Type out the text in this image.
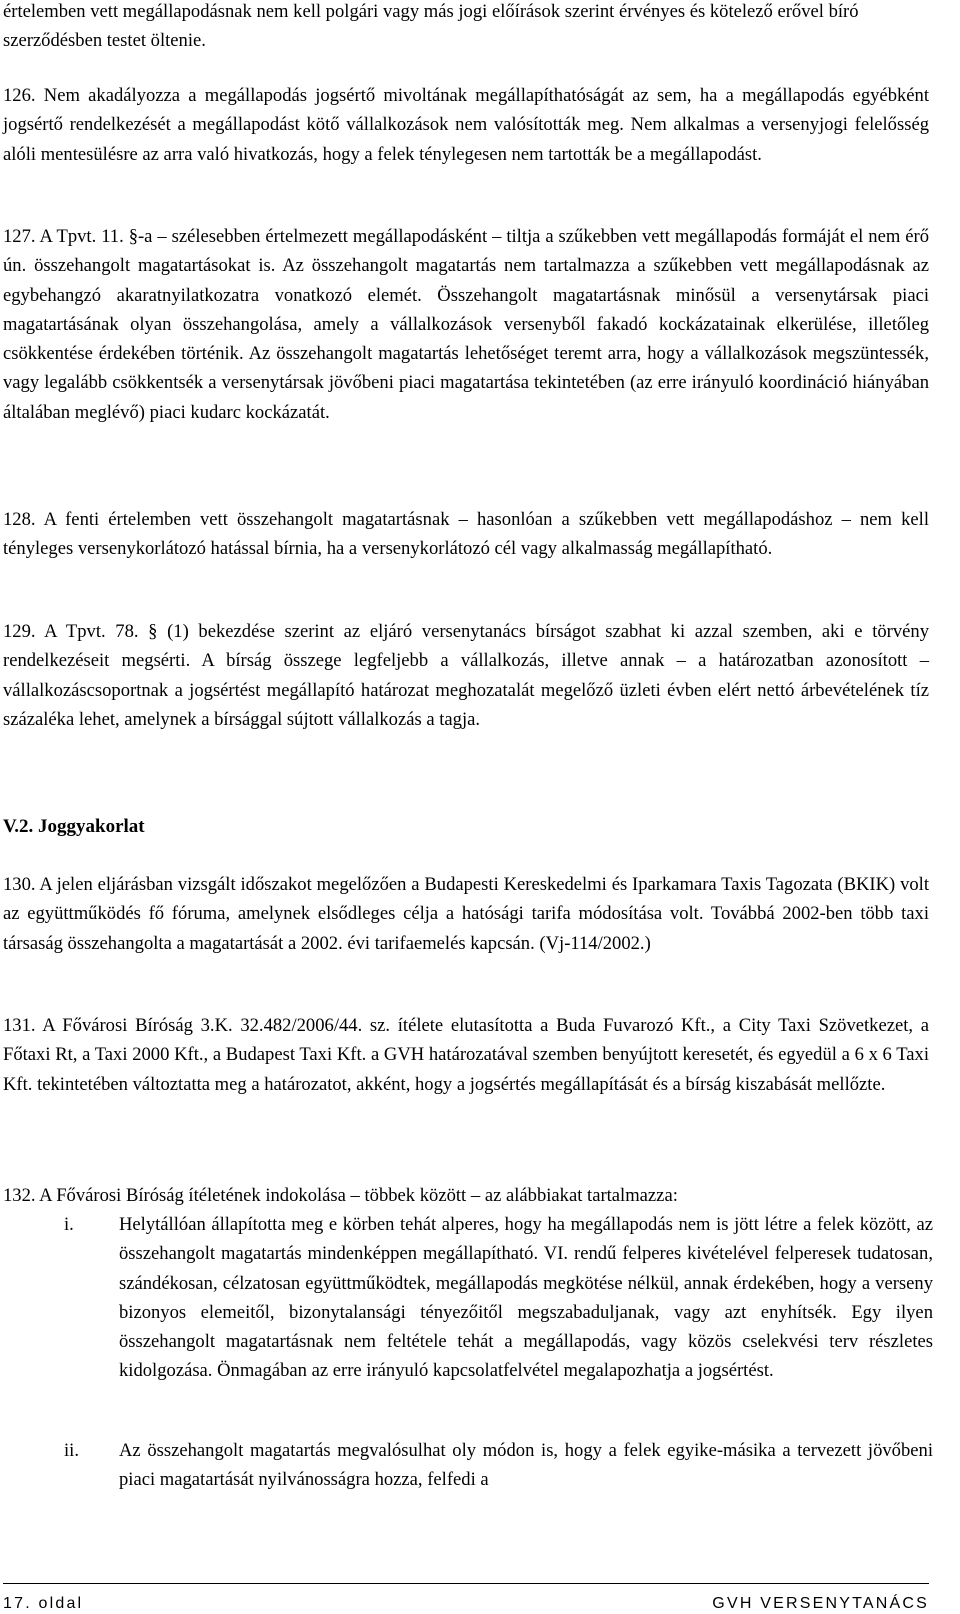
értelemben vett megállapodásnak nem kell polgári vagy más jogi előírások szerint érvényes és kötelező erővel bíró szerződésben testet öltenie.

126. Nem akadályozza a megállapodás jogsértő mivoltának megállapíthatóságát az sem, ha a megállapodás egyébként jogsértő rendelkezését a megállapodást kötő vállalkozások nem valósították meg. Nem alkalmas a versenyjogi felelősség alóli mentesülésre az arra való hivatkozás, hogy a felek ténylegesen nem tartották be a megállapodást.

127. A Tpvt. 11. §-a – szélesebben értelmezett megállapodásként – tiltja a szűkebben vett megállapodás formáját el nem érő ún. összehangolt magatartásokat is. Az összehangolt magatartás nem tartalmazza a szűkebben vett megállapodásnak az egybehangzó akaratnyilatkozatra vonatkozó elemét. Összehangolt magatartásnak minősül a versenytársak piaci magatartásának olyan összehangolása, amely a vállalkozások versenyből fakadó kockázatainak elkerülése, illetőleg csökkentése érdekében történik. Az összehangolt magatartás lehetőséget teremt arra, hogy a vállalkozások megszüntessék, vagy legalább csökkentsék a versenytársak jövőbeni piaci magatartása tekintetében (az erre irányuló koordináció hiányában általában meglévő) piaci kudarc kockázatát.

128. A fenti értelemben vett összehangolt magatartásnak – hasonlóan a szűkebben vett megállapodáshoz – nem kell tényleges versenykorlátozó hatással bírnia, ha a versenykorlátozó cél vagy alkalmasság megállapítható.

129. A Tpvt. 78. § (1) bekezdése szerint az eljáró versenytanács bírságot szabhat ki azzal szemben, aki e törvény rendelkezéseit megsérti. A bírság összege legfeljebb a vállalkozás, illetve annak – a határozatban azonosított – vállalkozáscsoportnak a jogsértést megállapító határozat meghozatalát megelőző üzleti évben elért nettó árbevételének tíz százaléka lehet, amelynek a bírsággal sújtott vállalkozás a tagja.

V.2. Joggyakorlat

130. A jelen eljárásban vizsgált időszakot megelőzően a Budapesti Kereskedelmi és Iparkamara Taxis Tagozata (BKIK) volt az együttműködés fő fóruma, amelynek elsődleges célja a hatósági tarifa módosítása volt. Továbbá 2002-ben több taxi társaság összehangolta a magatartását a 2002. évi tarifaemelés kapcsán. (Vj-114/2002.)

131. A Fővárosi Bíróság 3.K. 32.482/2006/44. sz. ítélete elutasította a Buda Fuvarozó Kft., a City Taxi Szövetkezet, a Főtaxi Rt, a Taxi 2000 Kft., a Budapest Taxi Kft. a GVH határozatával szemben benyújtott keresetét, és egyedül a 6 x 6 Taxi Kft. tekintetében változtatta meg a határozatot, akként, hogy a jogsértés megállapítását és a bírság kiszabását mellőzte.

132. A Fővárosi Bíróság ítéletének indokolása – többek között – az alábbiakat tartalmazza:

i. Helytállóan állapította meg e körben tehát alperes, hogy ha megállapodás nem is jött létre a felek között, az összehangolt magatartás mindenképpen megállapítható. VI. rendű felperes kivételével felperesek tudatosan, szándékosan, célzatosan együttműködtek, megállapodás megkötése nélkül, annak érdekében, hogy a verseny bizonyos elemeitől, bizonytalansági tényezőitől megszabaduljanak, vagy azt enyhítsék. Egy ilyen összehangolt magatartásnak nem feltétele tehát a megállapodás, vagy közös cselekvési terv részletes kidolgozása. Önmagában az erre irányuló kapcsolatfelvétel megalapozhatja a jogsértést.

ii. Az összehangolt magatartás megvalósulhat oly módon is, hogy a felek egyike-másika a tervezett jövőbeni piaci magatartását nyilvánosságra hozza, felfedi a

17. oldal	GVH VERSENYTANÁCS
